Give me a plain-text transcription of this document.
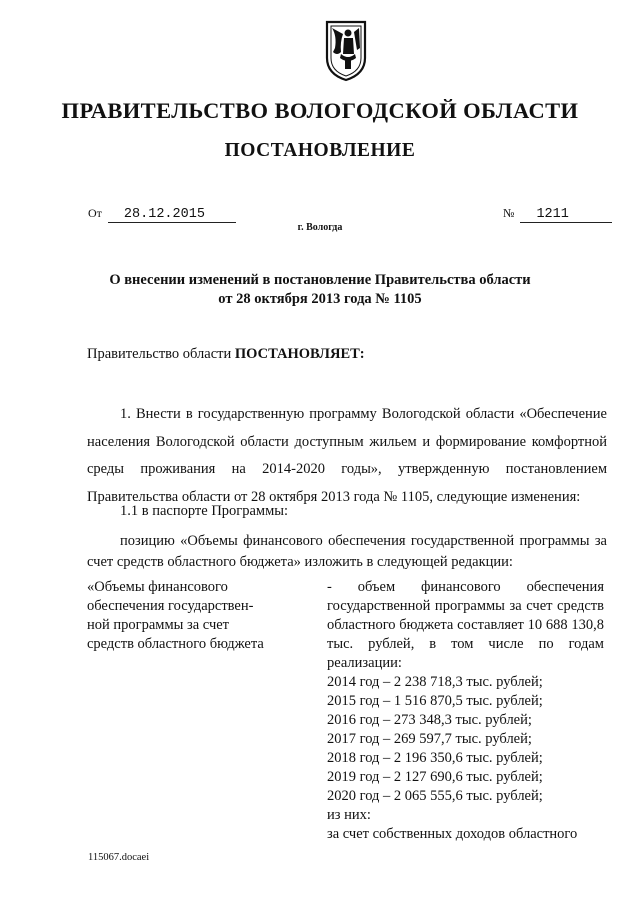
ПРАВИТЕЛЬСТВО ВОЛОГОДСКОЙ ОБЛАСТИ
ПОСТАНОВЛЕНИЕ
От 28.12.2015	№ 1211
г. Вологда
О внесении изменений в постановление Правительства области
от 28 октября 2013 года № 1105
Правительство области ПОСТАНОВЛЯЕТ:
1. Внести в государственную программу Вологодской области «Обеспечение населения Вологодской области доступным жильем и формирование комфортной среды проживания на 2014-2020 годы», утвержденную постановлением Правительства области от 28 октября 2013 года № 1105, следующие изменения:
1.1 в паспорте Программы:
позицию «Объемы финансового обеспечения государственной программы за счет средств областного бюджета» изложить в следующей редакции:
«Объемы финансового
обеспечения государствен-
ной программы за счет
средств областного бюджета
- объем финансового обеспечения государственной программы за счет средств областного бюджета составляет 10 688 130,8 тыс. рублей, в том числе по годам реализации:
2014 год – 2 238 718,3 тыс. рублей;
2015 год – 1 516 870,5 тыс. рублей;
2016 год – 273 348,3 тыс. рублей;
2017 год – 269 597,7 тыс. рублей;
2018 год – 2 196 350,6 тыс. рублей;
2019 год – 2 127 690,6 тыс. рублей;
2020 год – 2 065 555,6 тыс. рублей;
из них:
за счет собственных доходов областного
115067.docaei
